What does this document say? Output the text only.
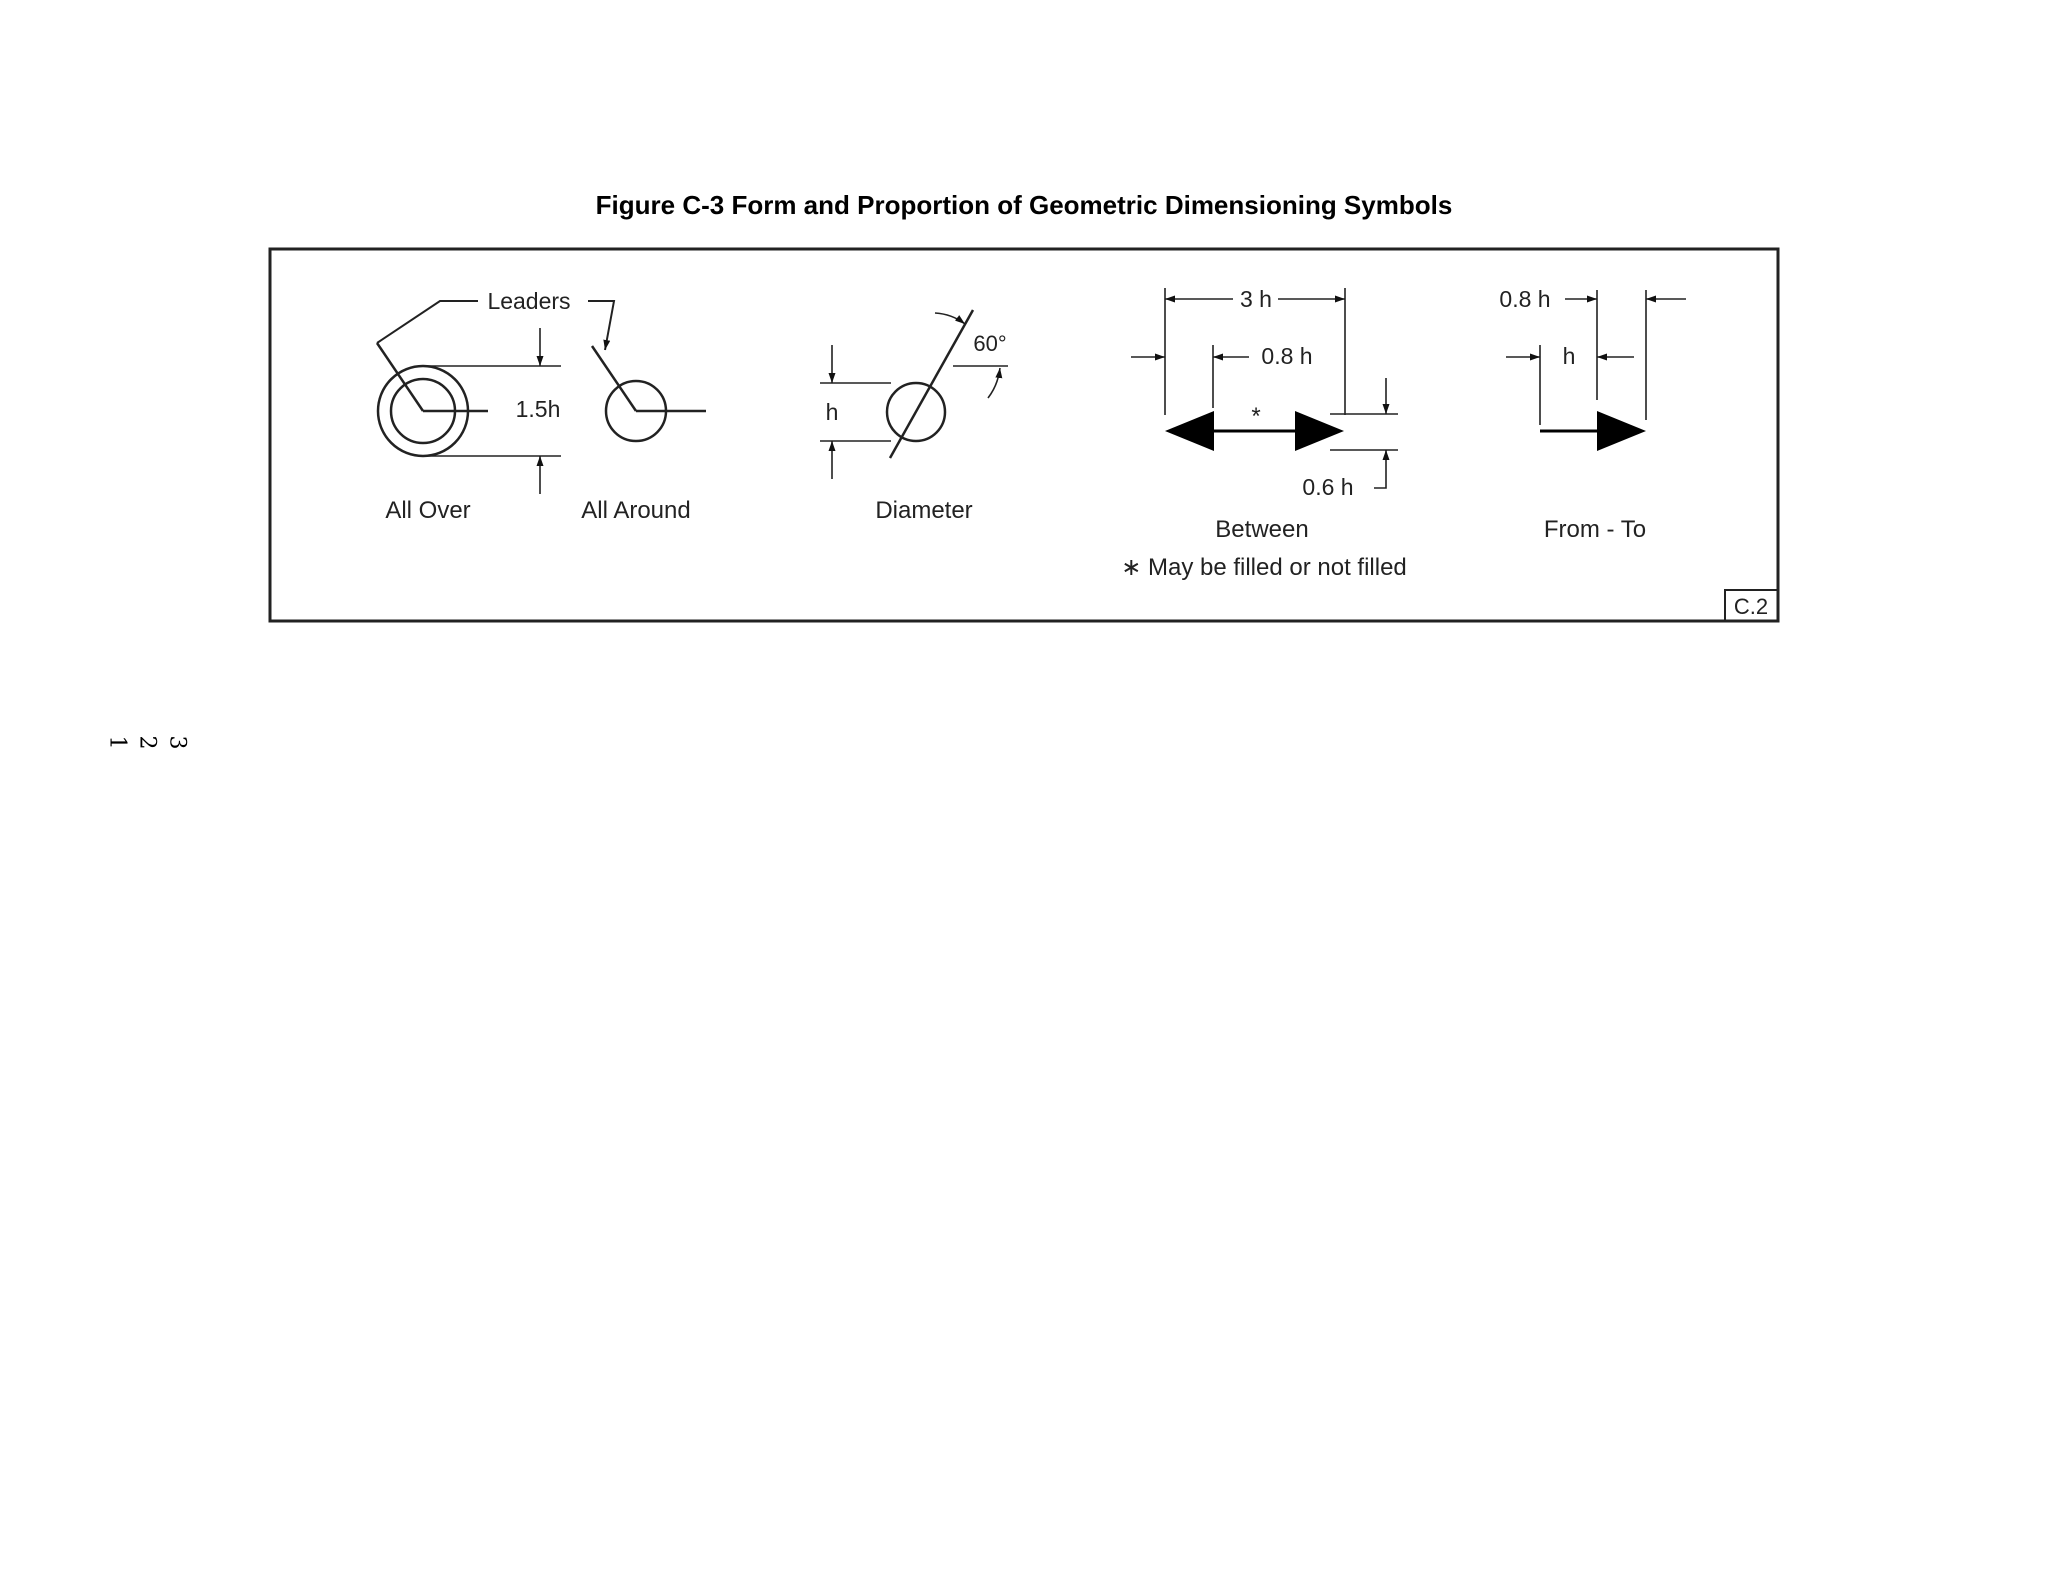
Figure C-3 Form and Proportion of Geometric Dimensioning Symbols
C.2
Leaders
1.5h
All Over	All Around
h
60°
Diameter
3 h
0.8 h
*
0.6 h
Between
∗ May be filled or not filled
0.8 h
h
From - To
1 2 3
